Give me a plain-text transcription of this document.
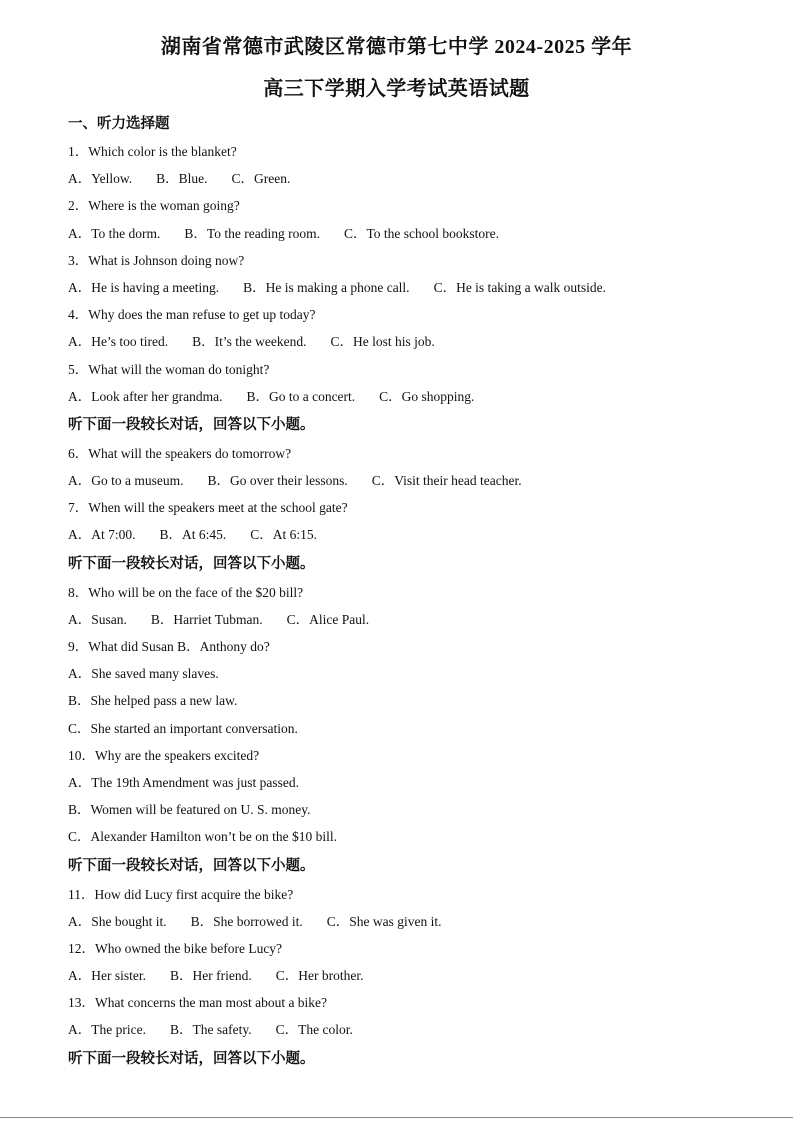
湖南省常德市武陵区常德市第七中学 2024-2025 学年
高三下学期入学考试英语试题
一、听力选择题
1．Which color is the blanket?
A．Yellow. B．Blue. C．Green.
2．Where is the woman going?
A．To the dorm. B．To the reading room. C．To the school bookstore.
3．What is Johnson doing now?
A．He is having a meeting. B．He is making a phone call. C．He is taking a walk outside.
4．Why does the man refuse to get up today?
A．He’s too tired. B．It’s the weekend. C．He lost his job.
5．What will the woman do tonight?
A．Look after her grandma. B．Go to a concert. C．Go shopping.
听下面一段较长对话，回答以下小题。
6．What will the speakers do tomorrow?
A．Go to a museum. B．Go over their lessons. C．Visit their head teacher.
7．When will the speakers meet at the school gate?
A．At 7:00. B．At 6:45. C．At 6:15.
听下面一段较长对话，回答以下小题。
8．Who will be on the face of the $20 bill?
A．Susan. B．Harriet Tubman. C．Alice Paul.
9．What did Susan B．Anthony do?
A．She saved many slaves.
B．She helped pass a new law.
C．She started an important conversation.
10．Why are the speakers excited?
A．The 19th Amendment was just passed.
B．Women will be featured on U. S. money.
C．Alexander Hamilton won’t be on the $10 bill.
听下面一段较长对话，回答以下小题。
11．How did Lucy first acquire the bike?
A．She bought it. B．She borrowed it. C．She was given it.
12．Who owned the bike before Lucy?
A．Her sister. B．Her friend. C．Her brother.
13．What concerns the man most about a bike?
A．The price. B．The safety. C．The color.
听下面一段较长对话，回答以下小题。
